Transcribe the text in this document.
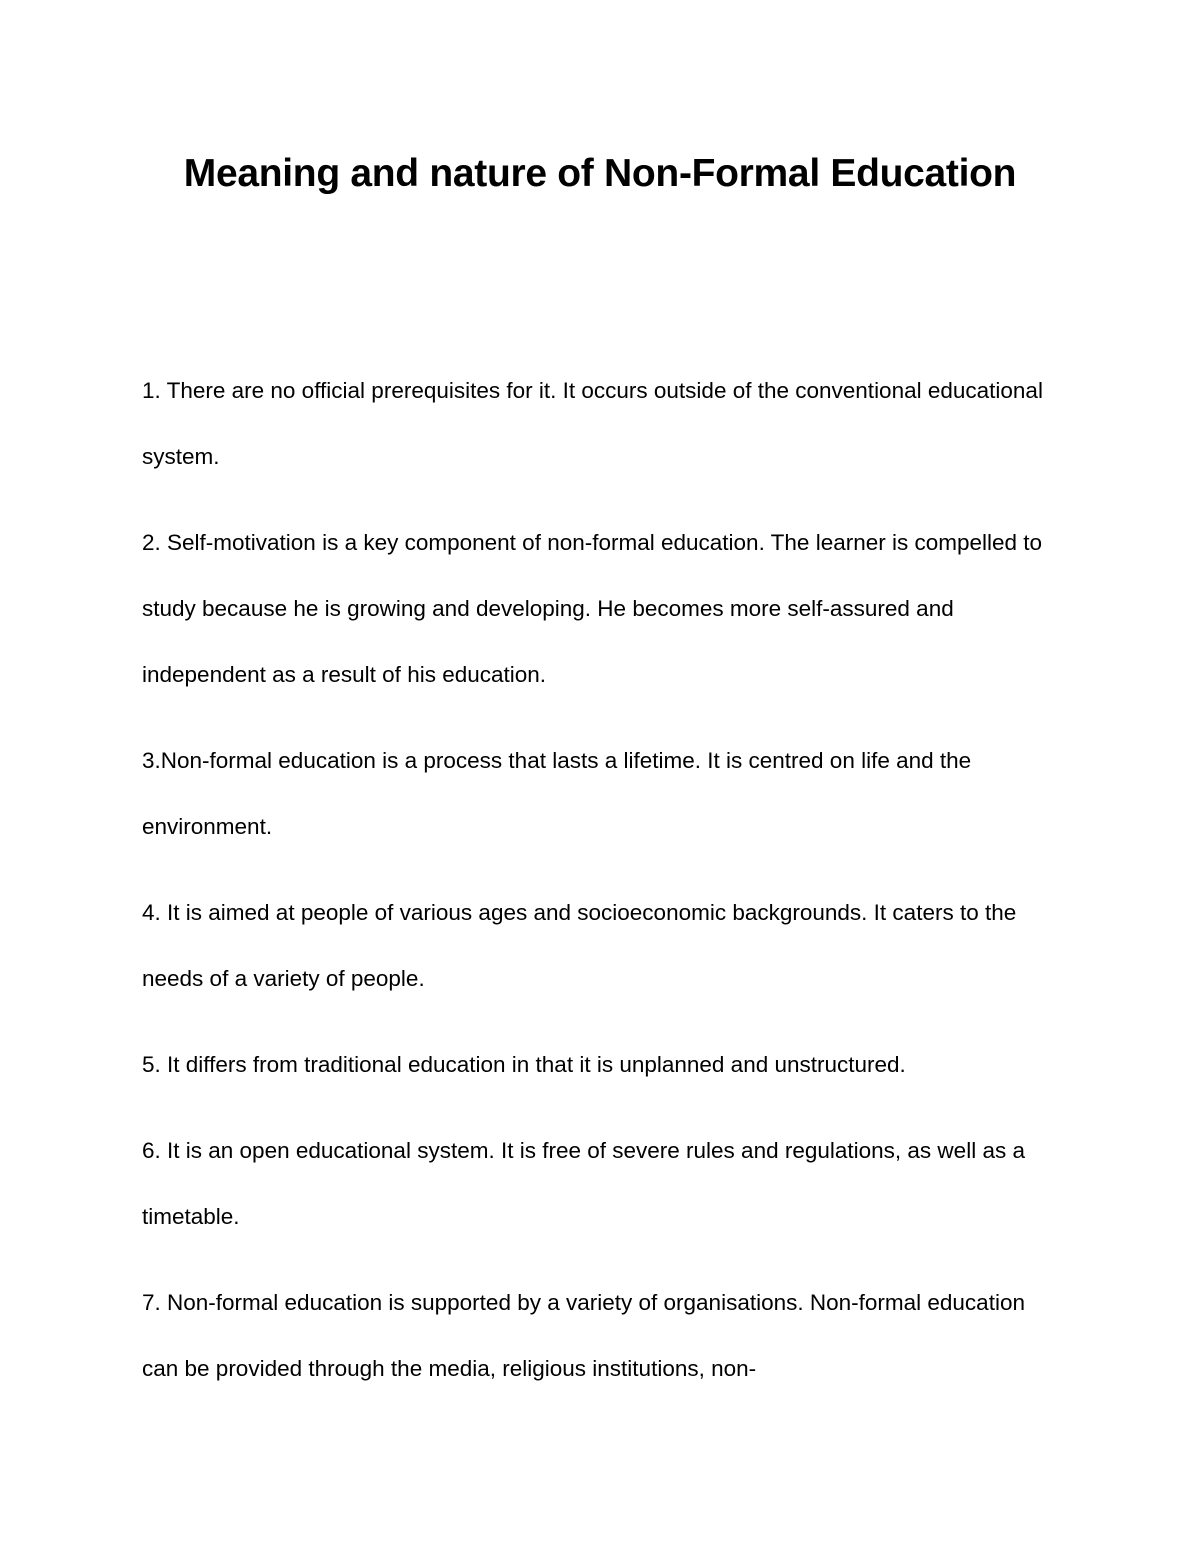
Meaning and nature of Non-Formal Education

1. There are no official prerequisites for it. It occurs outside of the conventional educational system.

2. Self-motivation is a key component of non-formal education. The learner is compelled to study because he is growing and developing. He becomes more self-assured and independent as a result of his education.

3.Non-formal education is a process that lasts a lifetime. It is centred on life and the environment.

4. It is aimed at people of various ages and socioeconomic backgrounds. It caters to the needs of a variety of people.

5. It differs from traditional education in that it is unplanned and unstructured.

6. It is an open educational system. It is free of severe rules and regulations, as well as a timetable.

7. Non-formal education is supported by a variety of organisations. Non-formal education can be provided through the media, religious institutions, non-
